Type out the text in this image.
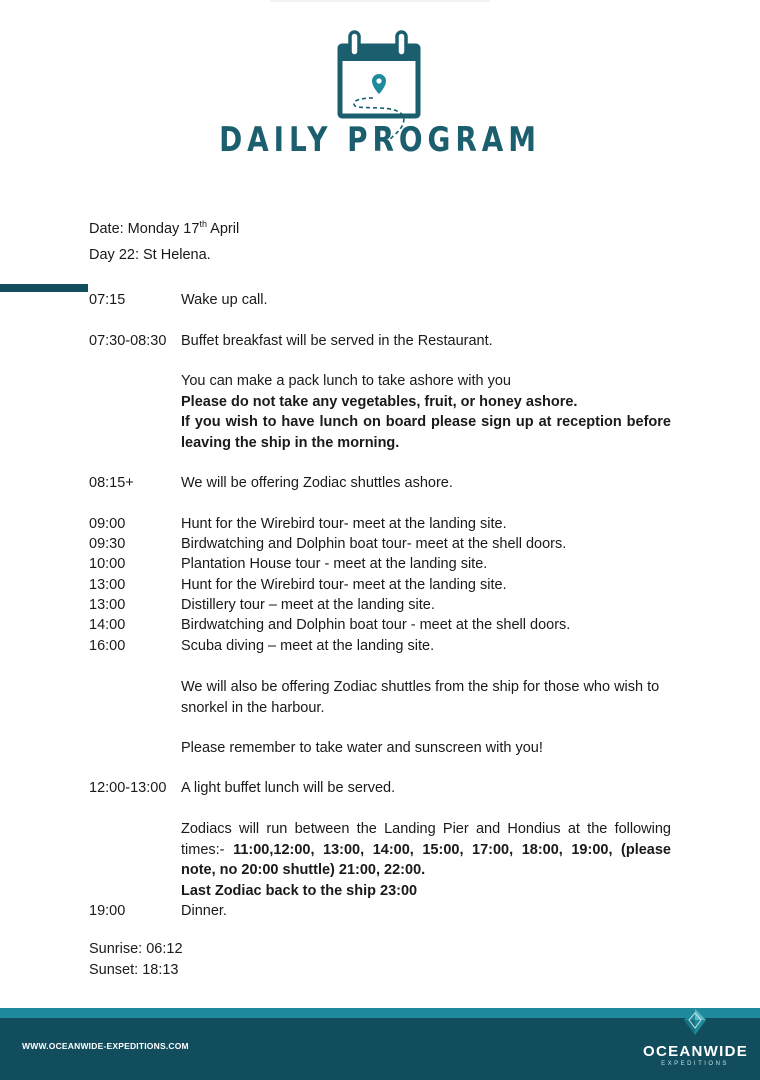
DAILY PROGRAM
Date: Monday 17th April
Day 22: St Helena.
07:15	Wake up call.
07:30-08:30 Buffet breakfast will be served in the Restaurant.
You can make a pack lunch to take ashore with you
Please do not take any vegetables, fruit, or honey ashore.
If you wish to have lunch on board please sign up at reception before leaving the ship in the morning.
08:15+	We will be offering Zodiac shuttles ashore.
09:00	Hunt for the Wirebird tour- meet at the landing site.
09:30	Birdwatching and Dolphin boat tour- meet at the shell doors.
10:00	Plantation House tour - meet at the landing site.
13:00	Hunt for the Wirebird tour- meet at the landing site.
13:00	Distillery tour – meet at the landing site.
14:00	Birdwatching and Dolphin boat tour - meet at the shell doors.
16:00	Scuba diving – meet at the landing site.
We will also be offering Zodiac shuttles from the ship for those who wish to snorkel in the harbour.
Please remember to take water and sunscreen with you!
12:00-13:00 A light buffet lunch will be served.
Zodiacs will run between the Landing Pier and Hondius at the following times:- 11:00,12:00, 13:00, 14:00, 15:00, 17:00, 18:00, 19:00, (please note, no 20:00 shuttle) 21:00, 22:00.
Last Zodiac back to the ship 23:00
19:00	Dinner.
Sunrise: 06:12
Sunset: 18:13
WWW.OCEANWIDE-EXPEDITIONS.COM	OCEANWIDE
EXPEDITIONS
